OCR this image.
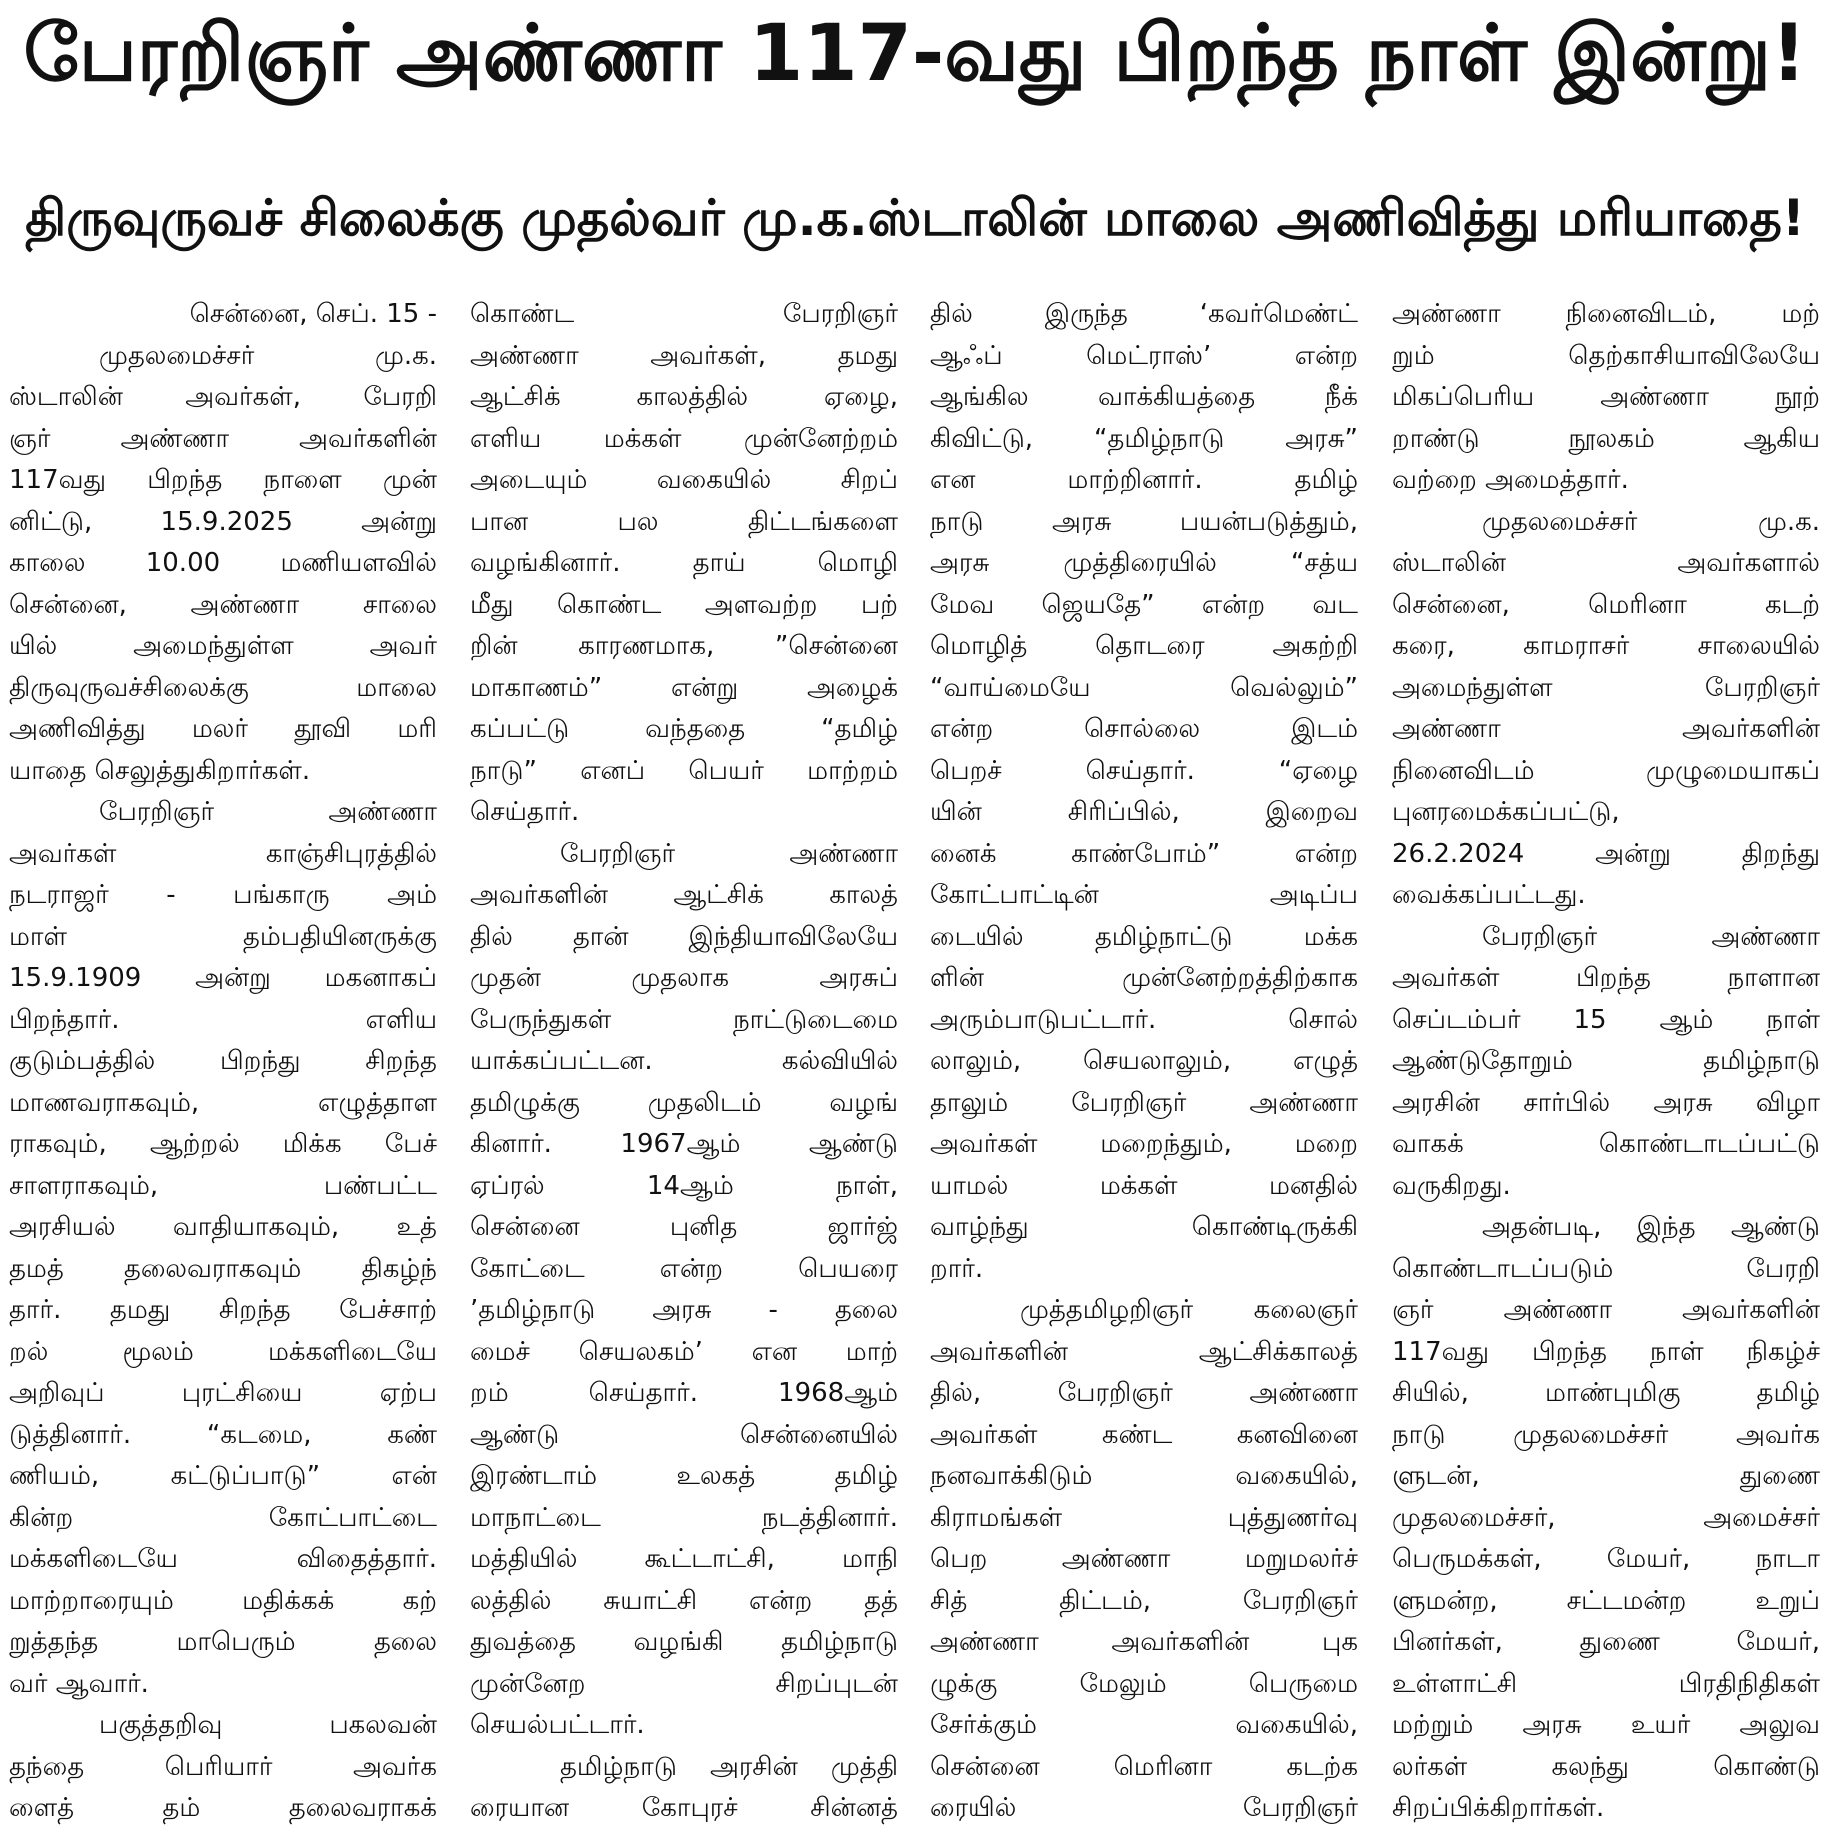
பேரறிஞர் அண்ணா 117-வது பிறந்த நாள் இன்று!
திருவுருவச் சிலைக்கு முதல்வர் மு.க.ஸ்டாலின் மாலை அணிவித்து மரியாதை!
சென்னை, செப். 15 -
முதலமைச்சர் மு.க.
ஸ்டாலின் அவர்கள், பேரறி
ஞர் அண்ணா அவர்களின்
117வது பிறந்த நாளை முன்
னிட்டு, 15.9.2025 அன்று
காலை 10.00 மணியளவில்
சென்னை, அண்ணா சாலை
யில் அமைந்துள்ள அவர்
திருவுருவச்சிலைக்கு மாலை
அணிவித்து மலர் தூவி மரி
யாதை செலுத்துகிறார்கள்.
பேரறிஞர் அண்ணா
அவர்கள் காஞ்சிபுரத்தில்
நடராஜர் - பங்காரு அம்
மாள் தம்பதியினருக்கு
15.9.1909 அன்று மகனாகப்
பிறந்தார். எளிய
குடும்பத்தில் பிறந்து சிறந்த
மாணவராகவும், எழுத்தாள
ராகவும், ஆற்றல் மிக்க பேச்
சாளராகவும், பண்பட்ட
அரசியல் வாதியாகவும், உத்
தமத் தலைவராகவும் திகழ்ந்
தார். தமது சிறந்த பேச்சாற்
றல் மூலம் மக்களிடையே
அறிவுப் புரட்சியை ஏற்ப
டுத்தினார். “கடமை, கண்
ணியம், கட்டுப்பாடு” என்
கின்ற கோட்பாட்டை
மக்களிடையே விதைத்தார்.
மாற்றாரையும் மதிக்கக் கற்
றுத்தந்த மாபெரும் தலை
வர் ஆவார்.
பகுத்தறிவு பகலவன்
தந்தை பெரியார் அவர்க
ளைத் தம் தலைவராகக்
கொண்ட பேரறிஞர்
அண்ணா அவர்கள், தமது
ஆட்சிக் காலத்தில் ஏழை,
எளிய மக்கள் முன்னேற்றம்
அடையும் வகையில் சிறப்
பான பல திட்டங்களை
வழங்கினார். தாய் மொழி
மீது கொண்ட அளவற்ற பற்
றின் காரணமாக, ”சென்னை
மாகாணம்” என்று அழைக்
கப்பட்டு வந்ததை “தமிழ்
நாடு” எனப் பெயர் மாற்றம்
செய்தார்.
பேரறிஞர் அண்ணா
அவர்களின் ஆட்சிக் காலத்
தில் தான் இந்தியாவிலேயே
முதன் முதலாக அரசுப்
பேருந்துகள் நாட்டுடைமை
யாக்கப்பட்டன. கல்வியில்
தமிழுக்கு முதலிடம் வழங்
கினார். 1967ஆம் ஆண்டு
ஏப்ரல் 14ஆம் நாள்,
சென்னை புனித ஜார்ஜ்
கோட்டை என்ற பெயரை
’தமிழ்நாடு அரசு - தலை
மைச் செயலகம்’ என மாற்
றம் செய்தார். 1968ஆம்
ஆண்டு சென்னையில்
இரண்டாம் உலகத் தமிழ்
மாநாட்டை நடத்தினார்.
மத்தியில் கூட்டாட்சி, மாநி
லத்தில் சுயாட்சி என்ற தத்
துவத்தை வழங்கி தமிழ்நாடு
முன்னேற சிறப்புடன்
செயல்பட்டார்.
தமிழ்நாடு அரசின் முத்தி
ரையான கோபுரச் சின்னத்
தில் இருந்த ‘கவர்மெண்ட்
ஆஃப் மெட்ராஸ்’ என்ற
ஆங்கில வாக்கியத்தை நீக்
கிவிட்டு, “தமிழ்நாடு அரசு”
என மாற்றினார். தமிழ்
நாடு அரசு பயன்படுத்தும்,
அரசு முத்திரையில் “சத்ய
மேவ ஜெயதே” என்ற வட
மொழித் தொடரை அகற்றி
“வாய்மையே வெல்லும்”
என்ற சொல்லை இடம்
பெறச் செய்தார். “ஏழை
யின் சிரிப்பில், இறைவ
னைக் காண்போம்” என்ற
கோட்பாட்டின் அடிப்ப
டையில் தமிழ்நாட்டு மக்க
ளின் முன்னேற்றத்திற்காக
அரும்பாடுபட்டார். சொல்
லாலும், செயலாலும், எழுத்
தாலும் பேரறிஞர் அண்ணா
அவர்கள் மறைந்தும், மறை
யாமல் மக்கள் மனதில்
வாழ்ந்து கொண்டிருக்கி
றார்.
முத்தமிழறிஞர் கலைஞர்
அவர்களின் ஆட்சிக்காலத்
தில், பேரறிஞர் அண்ணா
அவர்கள் கண்ட கனவினை
நனவாக்கிடும் வகையில்,
கிராமங்கள் புத்துணர்வு
பெற அண்ணா மறுமலர்ச்
சித் திட்டம், பேரறிஞர்
அண்ணா அவர்களின் புக
ழுக்கு மேலும் பெருமை
சேர்க்கும் வகையில்,
சென்னை மெரினா கடற்க
ரையில் பேரறிஞர்
அண்ணா நினைவிடம், மற்
றும் தெற்காசியாவிலேயே
மிகப்பெரிய அண்ணா நூற்
றாண்டு நூலகம் ஆகிய
வற்றை அமைத்தார்.
முதலமைச்சர் மு.க.
ஸ்டாலின் அவர்களால்
சென்னை, மெரினா கடற்
கரை, காமராசர் சாலையில்
அமைந்துள்ள பேரறிஞர்
அண்ணா அவர்களின்
நினைவிடம் முழுமையாகப்
புனரமைக்கப்பட்டு,
26.2.2024 அன்று திறந்து
வைக்கப்பட்டது.
பேரறிஞர் அண்ணா
அவர்கள் பிறந்த நாளான
செப்டம்பர் 15 ஆம் நாள்
ஆண்டுதோறும் தமிழ்நாடு
அரசின் சார்பில் அரசு விழா
வாகக் கொண்டாடப்பட்டு
வருகிறது.
அதன்படி, இந்த ஆண்டு
கொண்டாடப்படும் பேரறி
ஞர் அண்ணா அவர்களின்
117வது பிறந்த நாள் நிகழ்ச்
சியில், மாண்புமிகு தமிழ்
நாடு முதலமைச்சர் அவர்க
ளுடன், துணை
முதலமைச்சர், அமைச்சர்
பெருமக்கள், மேயர், நாடா
ளுமன்ற, சட்டமன்ற உறுப்
பினர்கள், துணை மேயர்,
உள்ளாட்சி பிரதிநிதிகள்
மற்றும் அரசு உயர் அலுவ
லர்கள் கலந்து கொண்டு
சிறப்பிக்கிறார்கள்.
